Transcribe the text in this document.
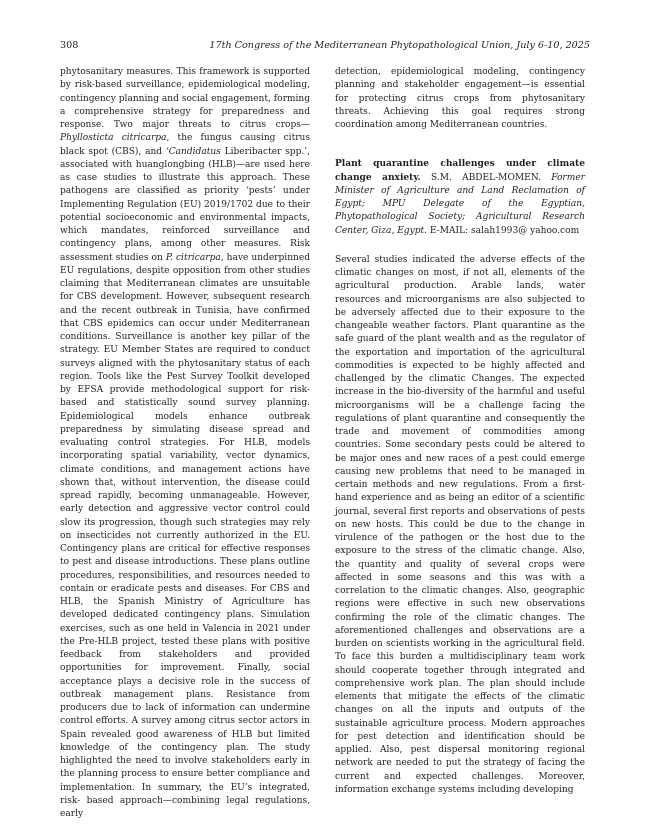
308	17th Congress of the Mediterranean Phytopathological Union, July 6-10, 2025

phytosanitary measures. This framework is supported by risk-based surveillance, epidemiological modeling, contingency planning and social engagement, forming a comprehensive strategy for preparedness and response. Two major threats to citrus crops—Phyllosticta citricarpa, the fungus causing citrus black spot (CBS), and ‘Candidatus Liberibacter spp.’, associated with huanglongbing (HLB)—are used here as case studies to illustrate this approach. These pathogens are classified as priority ‘pests’ under Implementing Regulation (EU) 2019/1702 due to their potential socioeconomic and environmental impacts, which mandates, reinforced surveillance and contingency plans, among other measures. Risk assessment studies on P. citricarpa, have underpinned EU regulations, despite opposition from other studies claiming that Mediterranean climates are unsuitable for CBS development. However, subsequent research and the recent outbreak in Tunisia, have confirmed that CBS epidemics can occur under Mediterranean conditions. Surveillance is another key pillar of the strategy. EU Member States are required to conduct surveys aligned with the phytosanitary status of each region. Tools like the Pest Survey Toolkit developed by EFSA provide methodological support for risk-based and statistically sound survey planning. Epidemiological models enhance outbreak preparedness by simulating disease spread and evaluating control strategies. For HLB, models incorporating spatial variability, vector dynamics, climate conditions, and management actions have shown that, without intervention, the disease could spread rapidly, becoming unmanageable. However, early detection and aggressive vector control could slow its progression, though such strategies may rely on insecticides not currently authorized in the EU. Contingency plans are critical for effective responses to pest and disease introductions. These plans outline procedures, responsibilities, and resources needed to contain or eradicate pests and diseases. For CBS and HLB, the Spanish Ministry of Agriculture has developed dedicated contingency plans. Simulation exercises, such as one held in Valencia in 2021 under the Pre-HLB project, tested these plans with positive feedback from stakeholders and provided opportunities for improvement. Finally, social acceptance plays a decisive role in the success of outbreak management plans. Resistance from producers due to lack of information can undermine control efforts. A survey among citrus sector actors in Spain revealed good awareness of HLB but limited knowledge of the contingency plan. The study highlighted the need to involve stakeholders early in the planning process to ensure better compliance and implementation. In summary, the EU’s integrated, risk- based approach—combining legal regulations, early

detection, epidemiological modeling, contingency planning and stakeholder engagement—is essential for protecting citrus crops from phytosanitary threats. Achieving this goal requires strong coordination among Mediterranean countries.

Plant quarantine challenges under climate change anxiety. S.M. ABDEL-MOMEN. Former Minister of Agriculture and Land Reclamation of Egypt; MPU Delegate of the Egyptian, Phytopathological Society; Agricultural Research Center, Giza, Egypt. E-MAIL: salah1993@ yahoo.com

Several studies indicated the adverse effects of the climatic changes on most, if not all, elements of the agricultural production. Arable lands, water resources and microorganisms are also subjected to be adversely affected due to their exposure to the changeable weather factors. Plant quarantine as the safe guard of the plant wealth and as the regulator of the exportation and importation of the agricultural commodities is expected to be highly affected and challenged by the climatic Changes. The expected increase in the bio-diversity of the harmful and useful microorganisms will be a challenge facing the regulations of plant quarantine and consequently the trade and movement of commodities among countries. Some secondary pests could be altered to be major ones and new races of a pest could emerge causing new problems that need to be managed in certain methods and new regulations. From a first-hand experience and as being an editor of a scientific journal, several first reports and observations of pests on new hosts. This could be due to the change in virulence of the pathogen or the host due to the exposure to the stress of the climatic change. Also, the quantity and quality of several crops were affected in some seasons and this was with a correlation to the climatic changes. Also, geographic regions were effective in such new observations confirming the role of the climatic changes. The aforementioned challenges and observations are a burden on scientists working in the agricultural field. To face this burden a multidisciplinary team work should cooperate together through integrated and comprehensive work plan. The plan should include elements that mitigate the effects of the climatic changes on all the inputs and outputs of the sustainable agriculture process. Modern approaches for pest detection and identification should be applied. Also, pest dispersal monitoring regional network are needed to put the strategy of facing the current and expected challenges. Moreover, information exchange systems including developing
